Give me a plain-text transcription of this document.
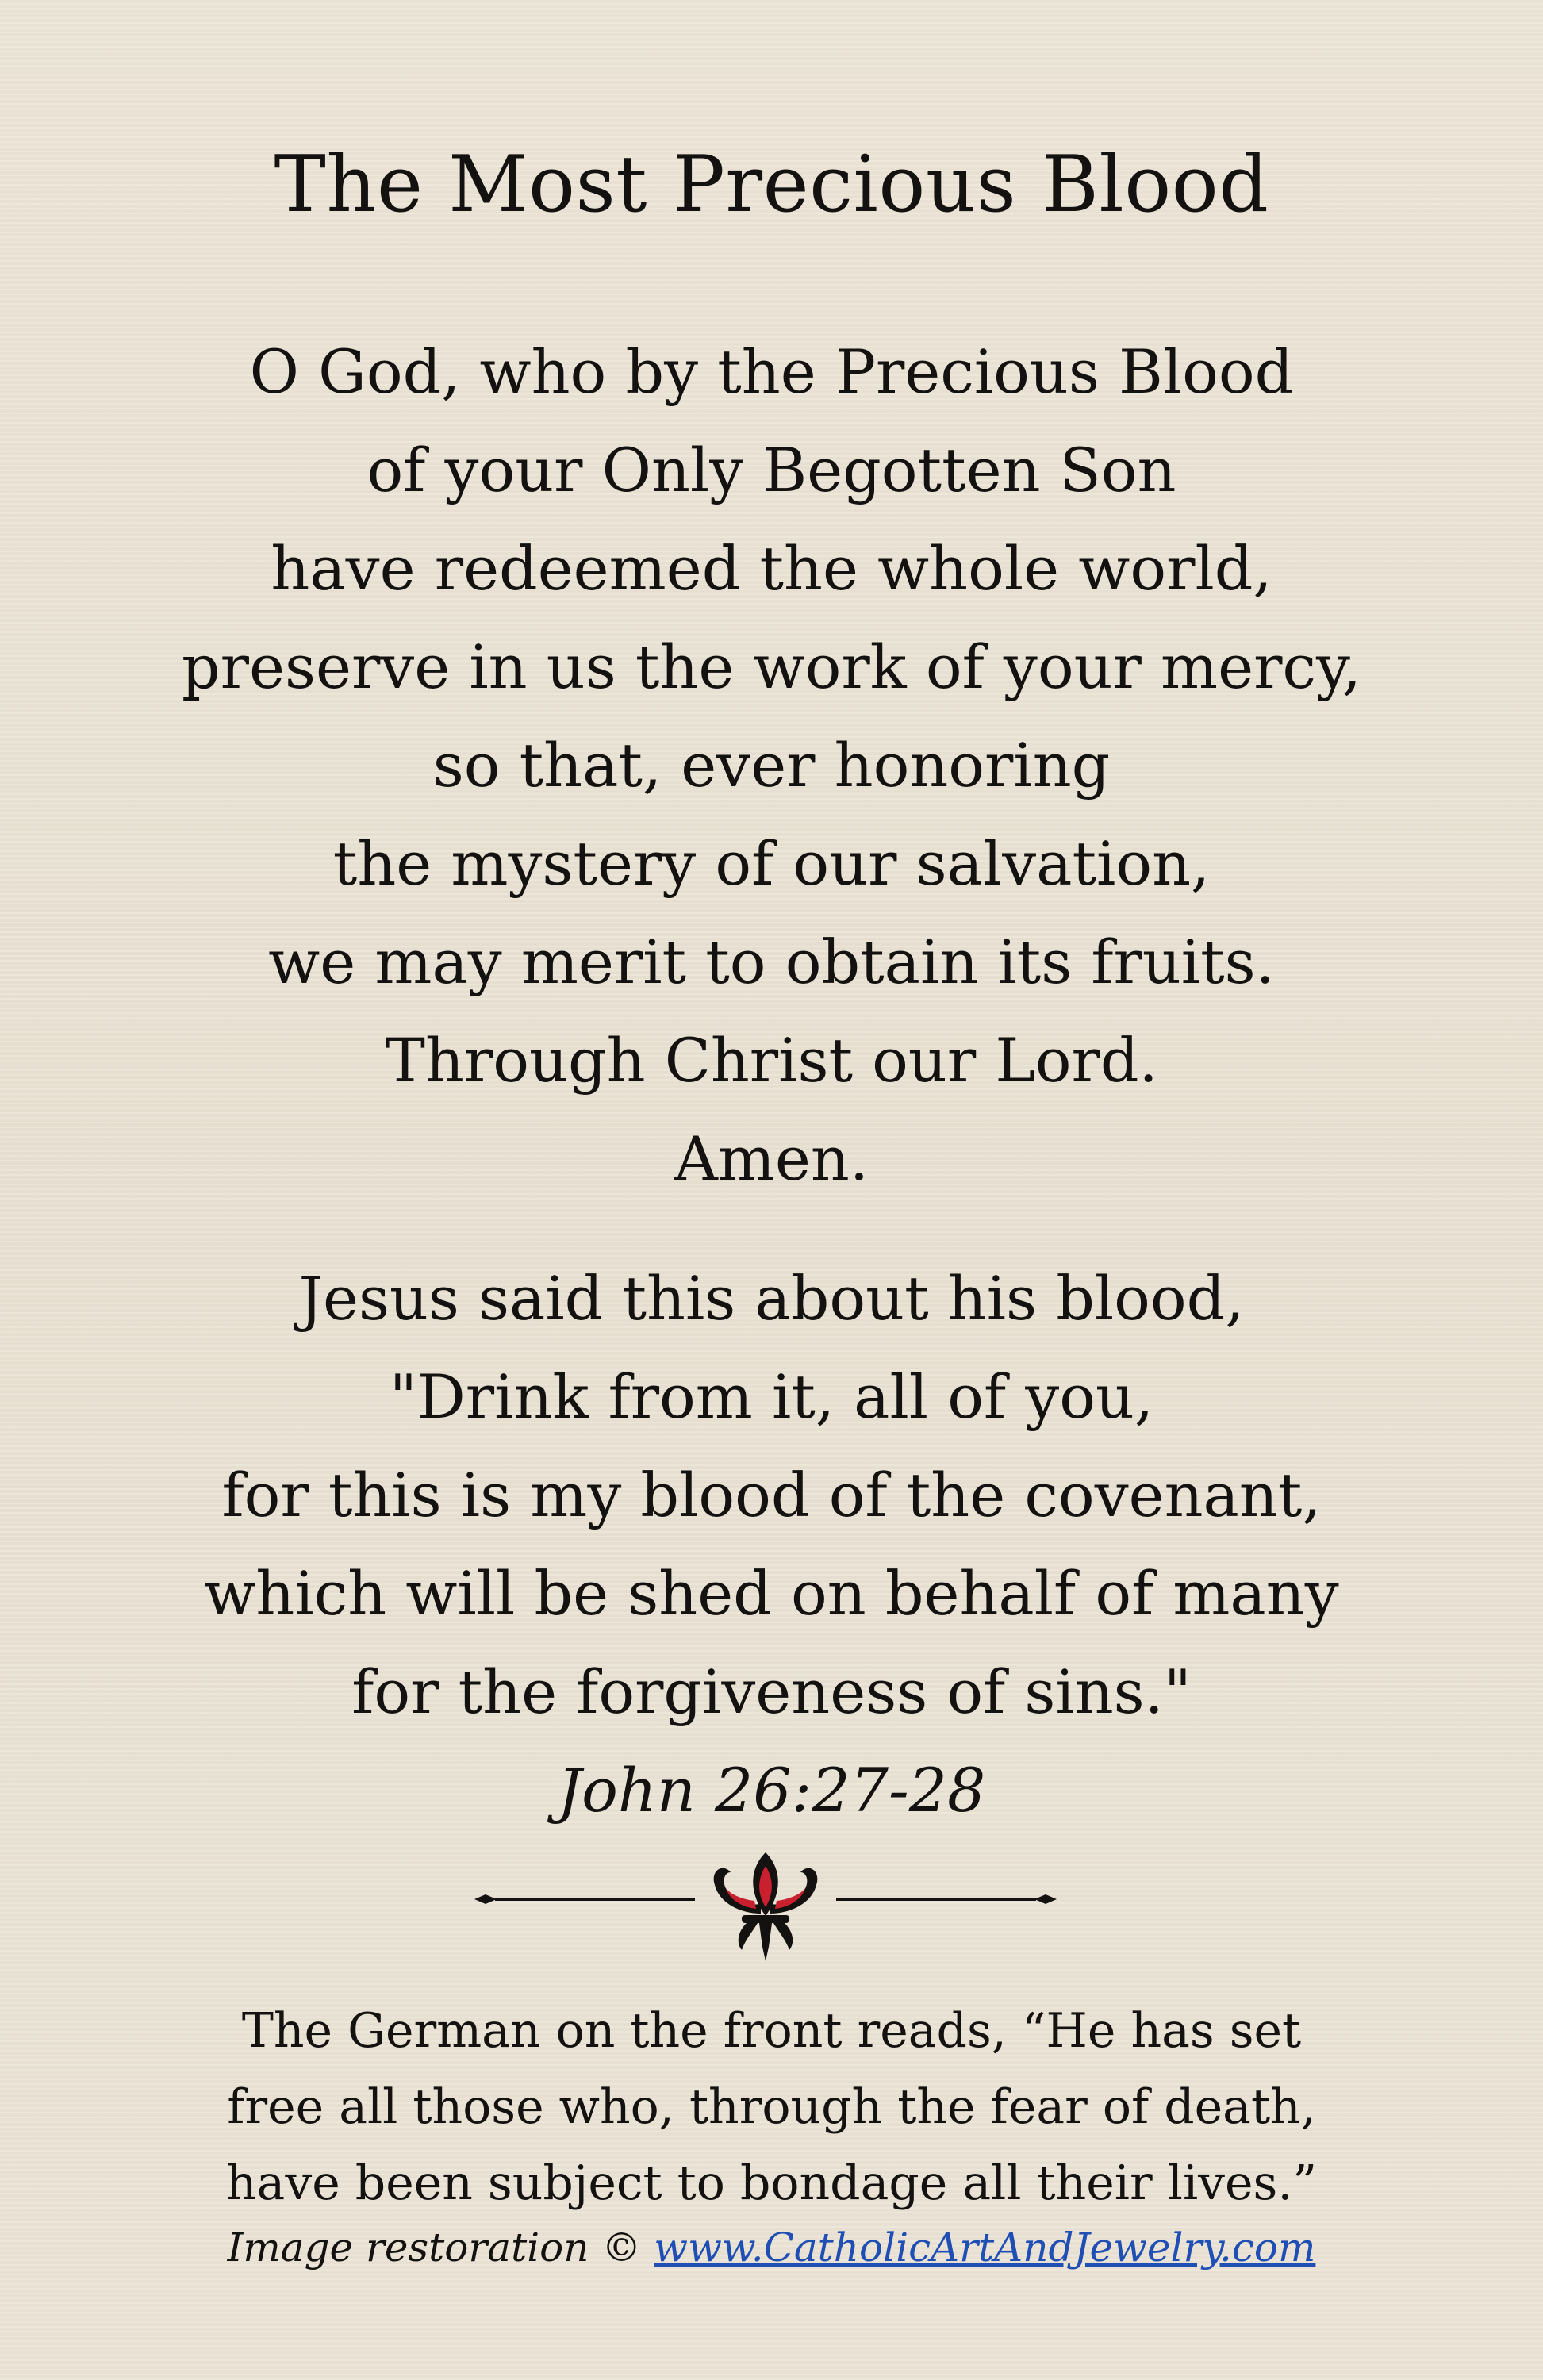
The Most Precious Blood
O God, who by the Precious Blood
of your Only Begotten Son
have redeemed the whole world,
preserve in us the work of your mercy,
so that, ever honoring
the mystery of our salvation,
we may merit to obtain its fruits.
Through Christ our Lord.
Amen.
Jesus said this about his blood,
"Drink from it, all of you,
for this is my blood of the covenant,
which will be shed on behalf of many
for the forgiveness of sins."
John 26:27-28
The German on the front reads, “He has set
free all those who, through the fear of death,
have been subject to bondage all their lives.”
Image restoration © www.CatholicArtAndJewelry.com
